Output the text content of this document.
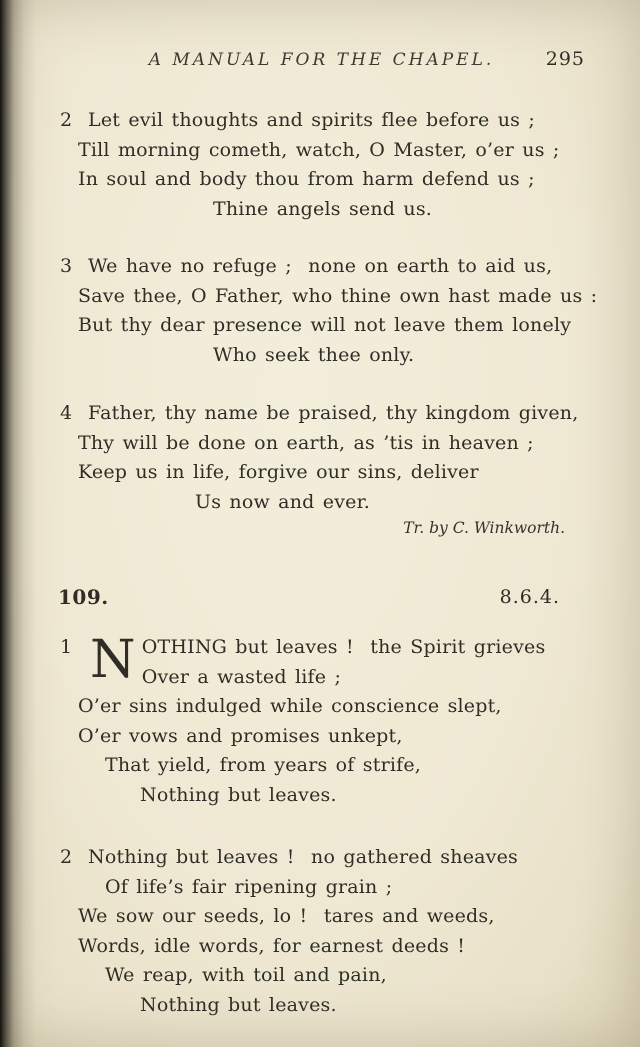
A MANUAL FOR THE CHAPEL.	295
2 Let evil thoughts and spirits flee before us ;
Till morning cometh, watch, O Master, o’er us ;
In soul and body thou from harm defend us ;
Thine angels send us.
3 We have no refuge ;  none on earth to aid us,
Save thee, O Father, who thine own hast made us :
But thy dear presence will not leave them lonely
Who seek thee only.
4 Father, thy name be praised, thy kingdom given,
Thy will be done on earth, as ’tis in heaven ;
Keep us in life, forgive our sins, deliver
Us now and ever.
Tr. by C. Winkworth.
109.	8.6.4.
1 N OTHING but leaves !  the Spirit grieves
Over a wasted life ;
O’er sins indulged while conscience slept,
O’er vows and promises unkept,
That yield, from years of strife,
Nothing but leaves.
2 Nothing but leaves !  no gathered sheaves
Of life’s fair ripening grain ;
We sow our seeds, lo !  tares and weeds,
Words, idle words, for earnest deeds !
We reap, with toil and pain,
Nothing but leaves.
